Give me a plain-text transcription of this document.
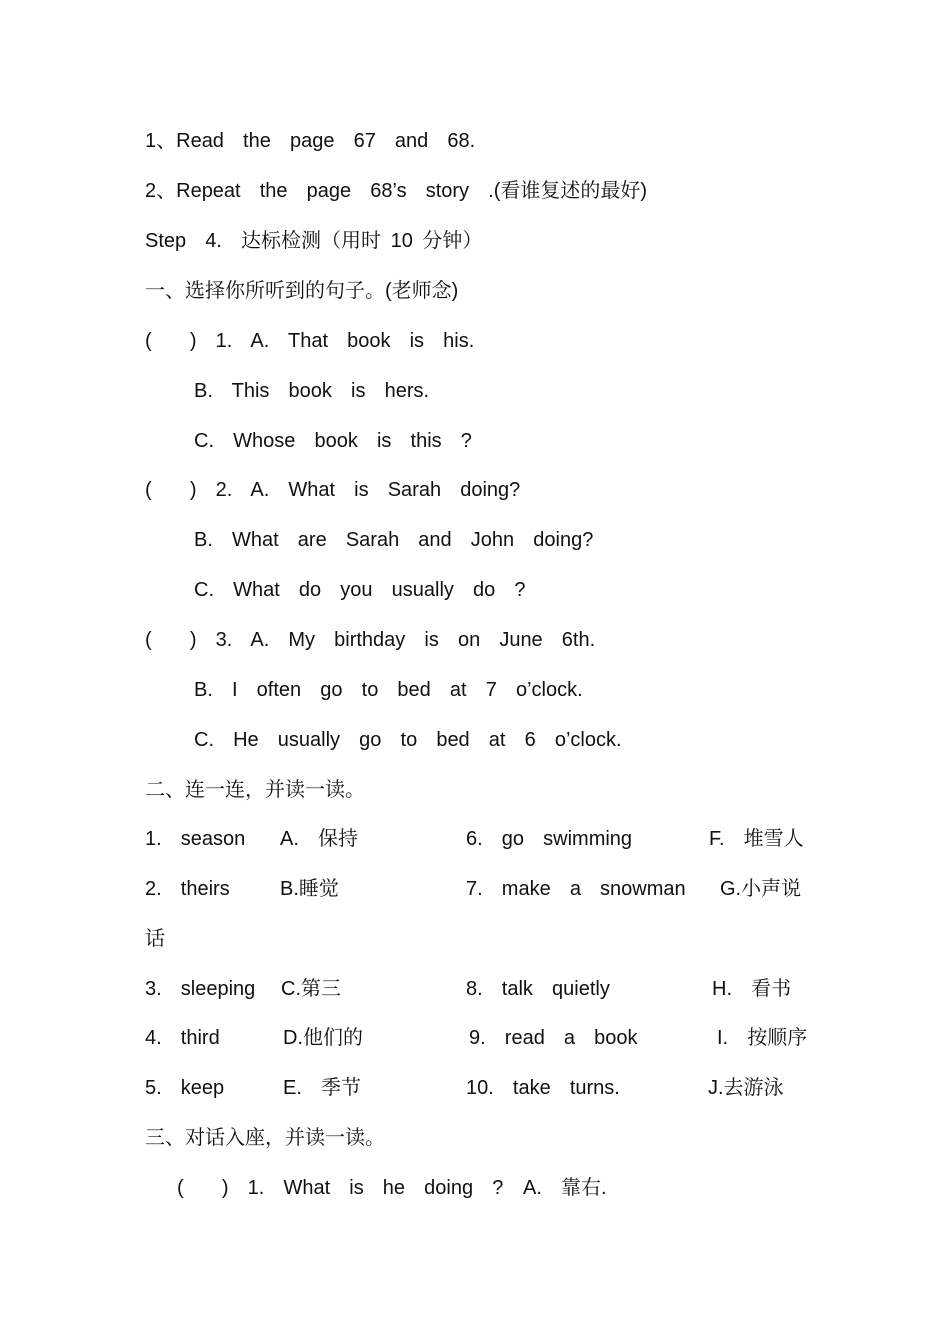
1、Read  the  page  67  and  68.
2、Repeat  the  page  68’s  story  .(看谁复述的最好)
Step  4.  达标检测（用时 10 分钟）
一、选择你所听到的句子。(老师念)
(    )  1.  A.  That  book  is  his.
B.  This  book  is  hers.
C.  Whose  book  is  this  ?
(    )  2.  A.  What  is  Sarah  doing?
B.  What  are  Sarah  and  John  doing?
C.  What  do  you  usually  do  ?
(    )  3.  A.  My  birthday  is  on  June  6th.
B.  I  often  go  to  bed  at  7  o’clock.
C.  He  usually  go  to  bed  at  6  o’clock.
二、连一连，并读一读。
1.  season A.  保持	6.  go  swimming	F.  堆雪人
2.  theirs	B.睡觉	7.  make  a  snowman G.小声说
话
3.  sleeping C.第三	8.  talk  quietly	H.  看书
4.  third	D.他们的	9.  read  a  book	I.  按顺序
5.  keep	E.  季节	10.  take  turns.	J.去游泳
三、对话入座，并读一读。
(    )  1.  What  is  he  doing  ? A.  靠右.
